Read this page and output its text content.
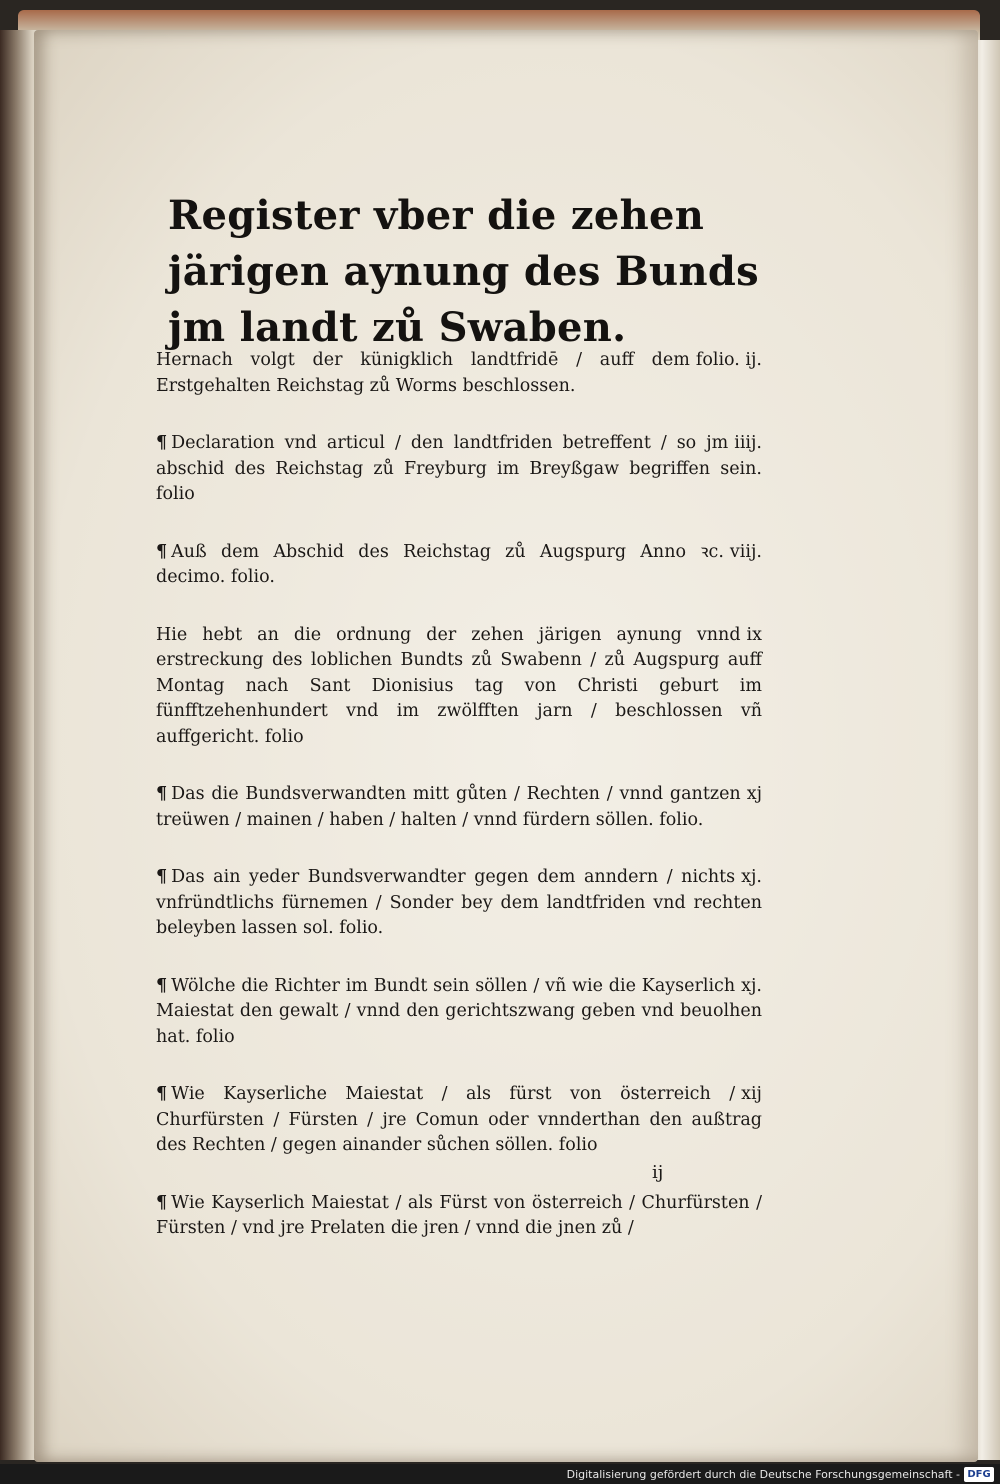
Register vber die zehen järigen aynung des Bunds jm landt zů Swaben.
folio. ij.
Hernach volgt der künigklich landtfridē / auff dem Erstgehalten Reichstag zů Worms beschlossen.
iiij.
¶ Declaration vnd articul / den landtfriden betreffent / so jm abschid des Reichstag zů Freyburg im Breyßgaw begriffen sein. folio
viij.
¶ Auß dem Abschid des Reichstag zů Augspurg Anno ꝛc. decimo. folio.
ix
Hie hebt an die ordnung der zehen järigen aynung vnnd erstreckung des loblichen Bundts zů Swabenn / zů Augspurg auff Montag nach Sant Dionisius tag von Christi geburt im fünfftzehenhundert vnd im zwölfften jarn / beschlossen vñ auffgericht. folio
xj
¶ Das die Bundsverwandten mitt gůten / Rechten / vnnd gantzen treüwen / mainen / haben / halten / vnnd fürdern söllen. folio.
xj.
¶ Das ain yeder Bundsverwandter gegen dem anndern / nichts vnfründtlichs fürnemen / Sonder bey dem landtfriden vnd rechten beleyben lassen sol. folio.
xj.
¶ Wölche die Richter im Bundt sein söllen / vñ wie die Kayserlich Maiestat den gewalt / vnnd den gerichtszwang geben vnd beuolhen hat. folio
xij
¶ Wie Kayserliche Maiestat / als fürst von österreich / Churfürsten / Fürsten / jre Comun oder vnnderthan den außtrag des Rechten / gegen ainander sůchen söllen. folio
¶ Wie Kayserlich Maiestat / als Fürst von österreich / Churfürsten / Fürsten / vnd jre Prelaten die jren / vnnd die jnen zů /
ij
Digitalisierung gefördert durch die Deutsche Forschungsgemeinschaft - DFG
